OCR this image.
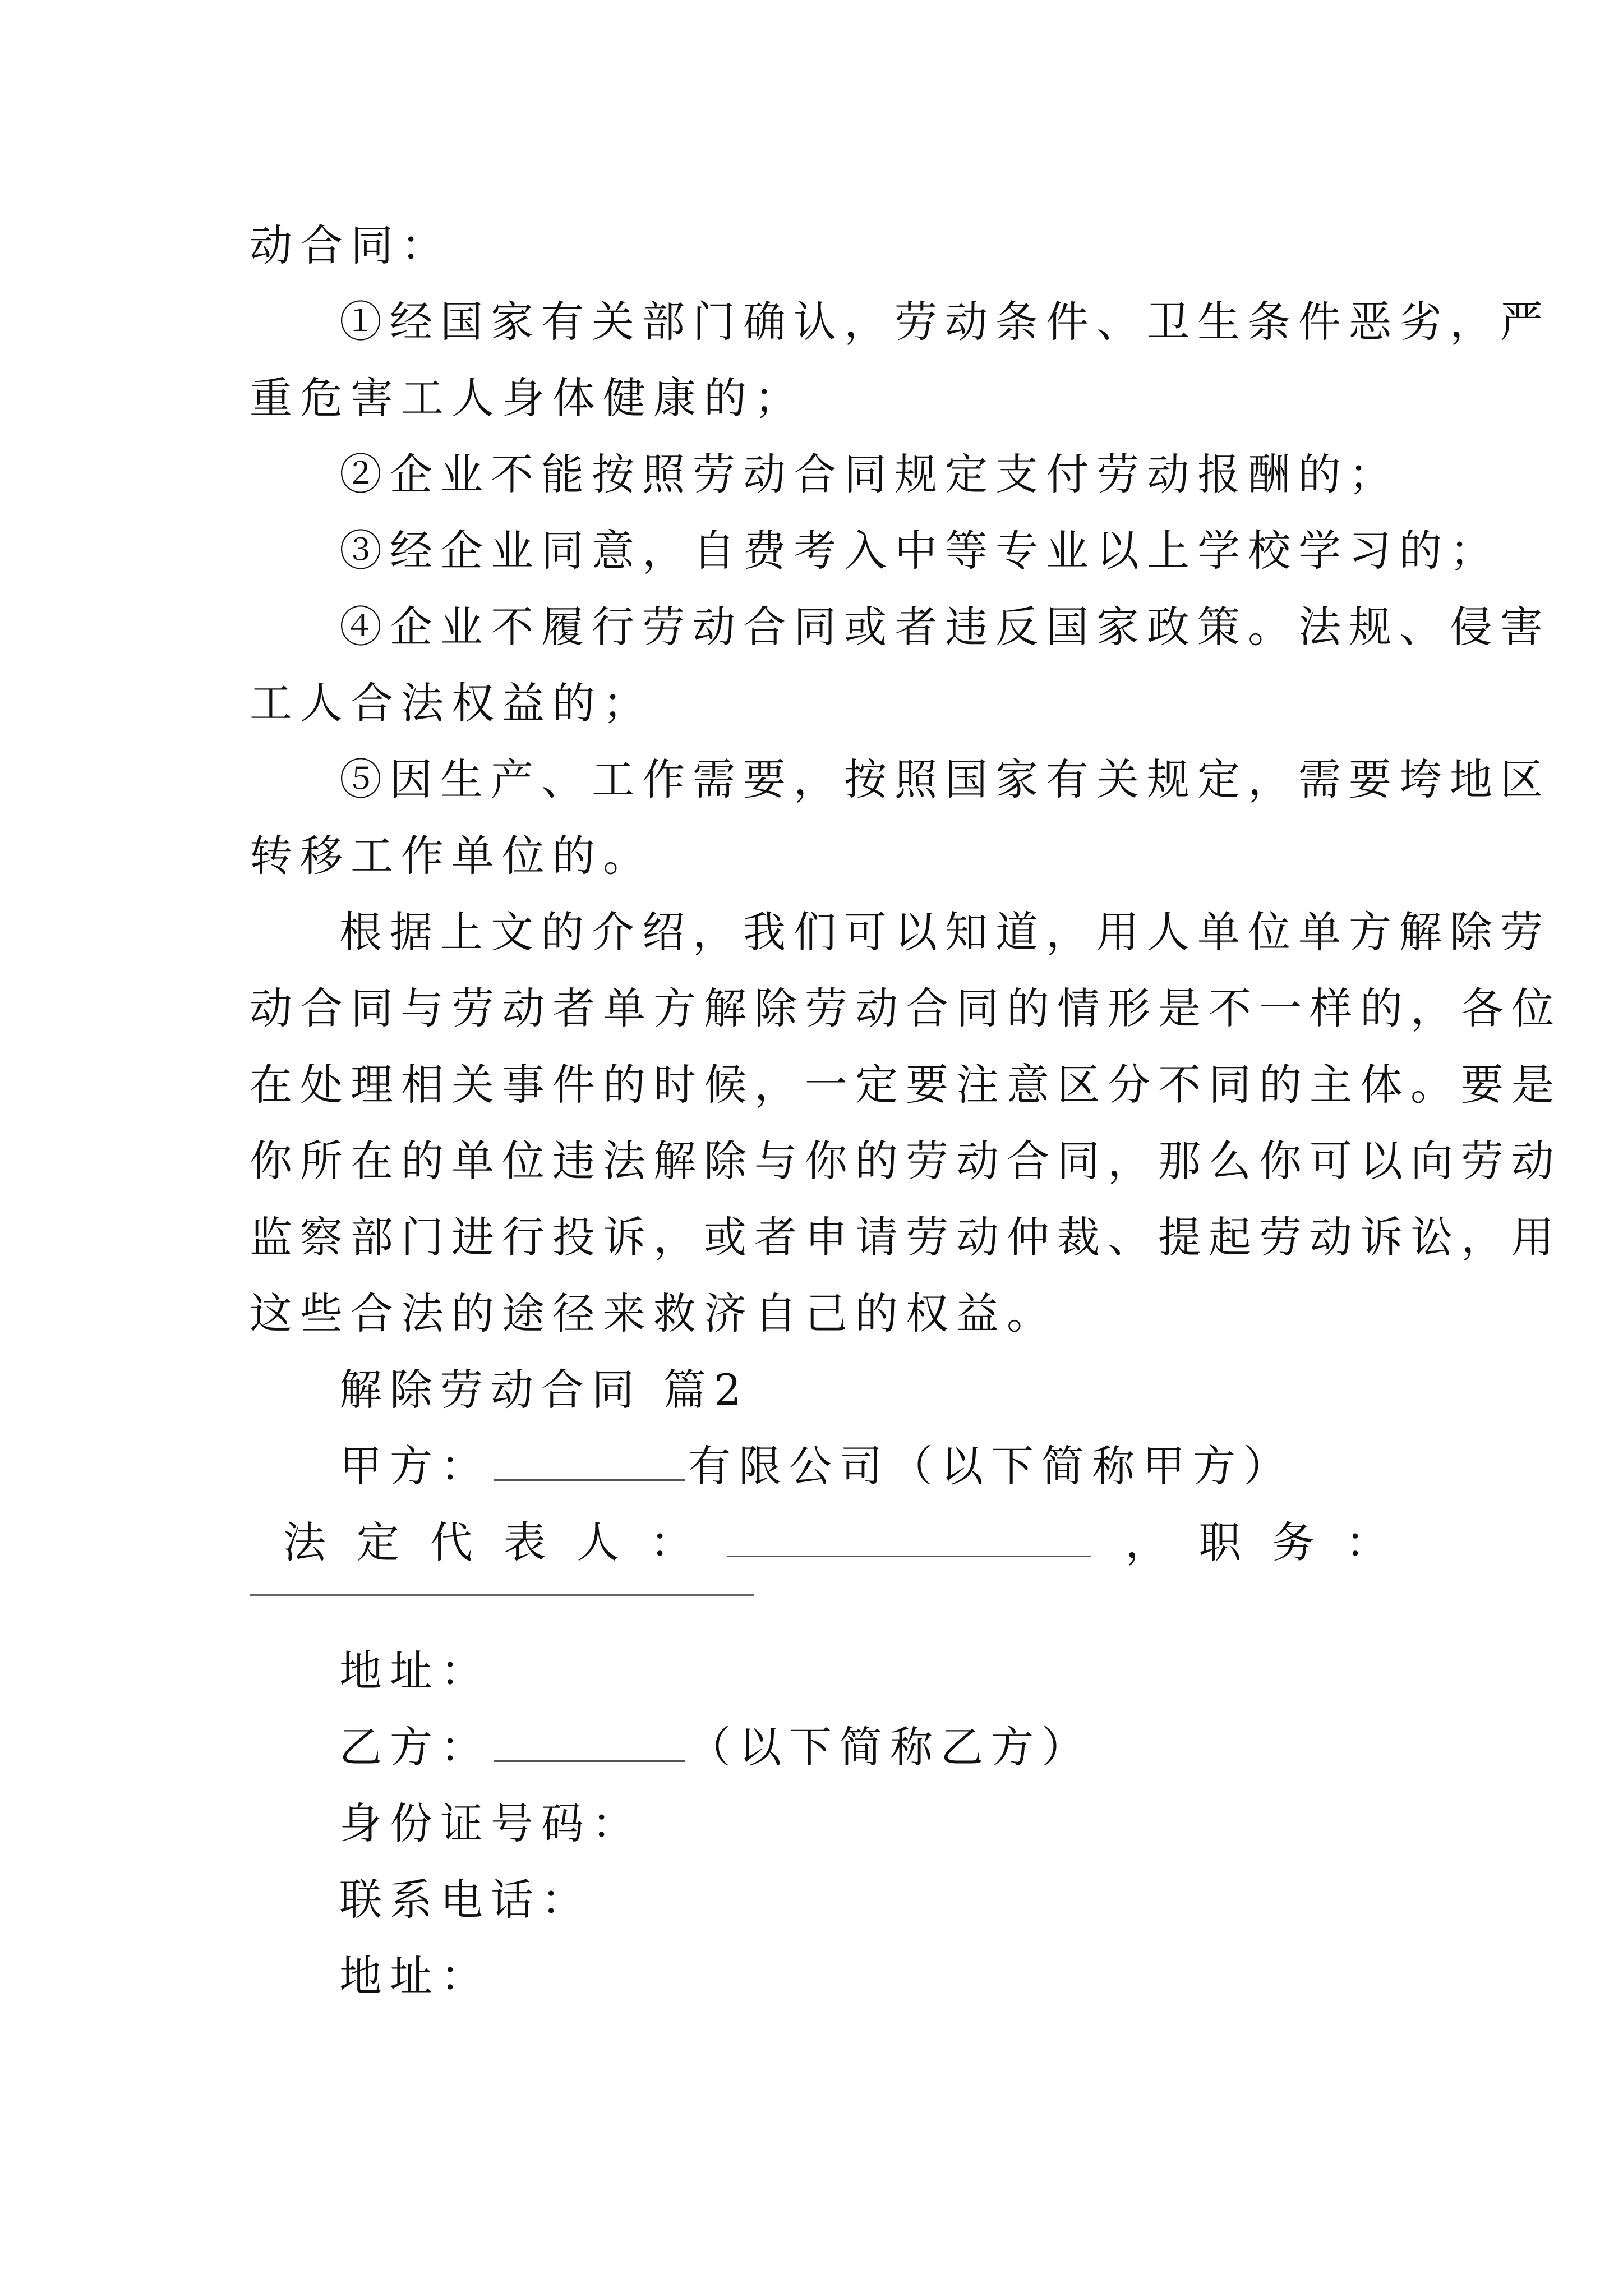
动合同：
①经国家有关部门确认，劳动条件、卫生条件恶劣，严
重危害工人身体健康的；
②企业不能按照劳动合同规定支付劳动报酬的；
③经企业同意，自费考入中等专业以上学校学习的；
④企业不履行劳动合同或者违反国家政策。法规、侵害
工人合法权益的；
⑤因生产、工作需要，按照国家有关规定，需要垮地区
转移工作单位的。
根据上文的介绍，我们可以知道，用人单位单方解除劳
动合同与劳动者单方解除劳动合同的情形是不一样的，各位
在处理相关事件的时候，一定要注意区分不同的主体。要是
你所在的单位违法解除与你的劳动合同，那么你可以向劳动
监察部门进行投诉，或者申请劳动仲裁、提起劳动诉讼，用
这些合法的途径来救济自己的权益。
解除劳动合同 篇2
甲方：	有限公司（以下简称甲方）
法 定 代 表 人 ：	， 职 务 ：
地址：
乙方：	（以下简称乙方）
身份证号码：
联系电话：
地址：
